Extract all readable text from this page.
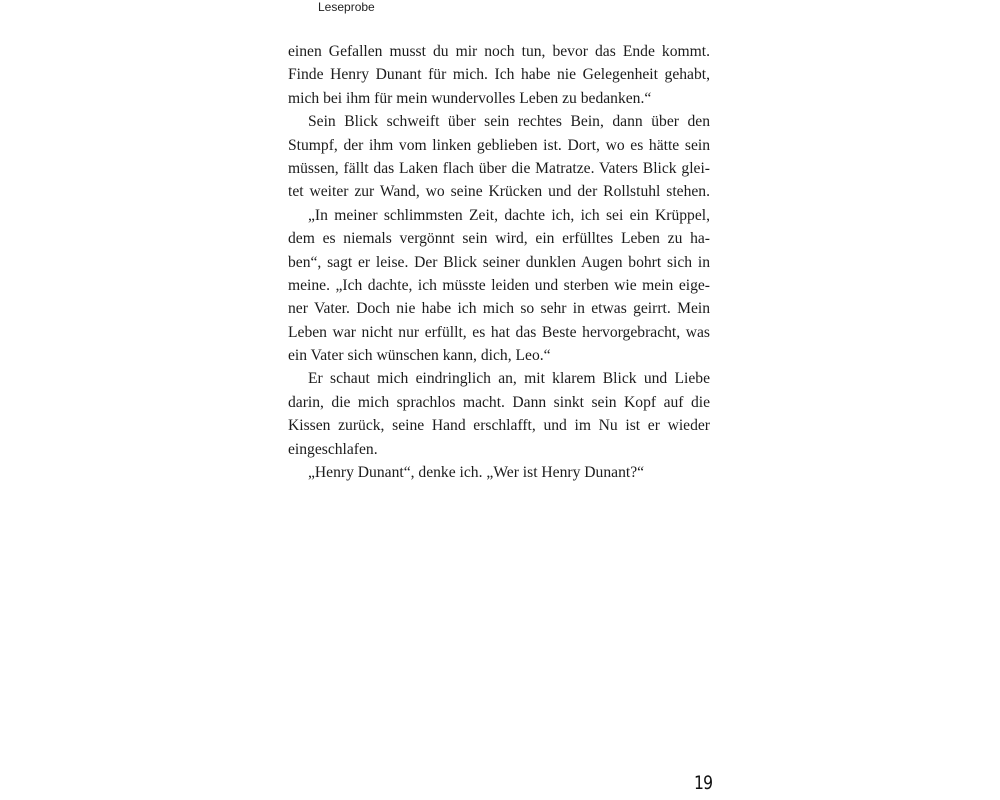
Leseprobe
einen Gefallen musst du mir noch tun, bevor das Ende kommt.
Finde Henry Dunant für mich. Ich habe nie Gelegenheit gehabt,
mich bei ihm für mein wundervolles Leben zu bedanken.“
Sein Blick schweift über sein rechtes Bein, dann über den
Stumpf, der ihm vom linken geblieben ist. Dort, wo es hätte sein
müssen, fällt das Laken flach über die Matratze. Vaters Blick glei-
tet weiter zur Wand, wo seine Krücken und der Rollstuhl stehen.
„In meiner schlimmsten Zeit, dachte ich, ich sei ein Krüppel,
dem es niemals vergönnt sein wird, ein erfülltes Leben zu ha-
ben“, sagt er leise. Der Blick seiner dunklen Augen bohrt sich in
meine. „Ich dachte, ich müsste leiden und sterben wie mein eige-
ner Vater. Doch nie habe ich mich so sehr in etwas geirrt. Mein
Leben war nicht nur erfüllt, es hat das Beste hervorgebracht, was
ein Vater sich wünschen kann, dich, Leo.“
Er schaut mich eindringlich an, mit klarem Blick und Liebe
darin, die mich sprachlos macht. Dann sinkt sein Kopf auf die
Kissen zurück, seine Hand erschlafft, und im Nu ist er wieder
eingeschlafen.
„Henry Dunant“, denke ich. „Wer ist Henry Dunant?“
19
